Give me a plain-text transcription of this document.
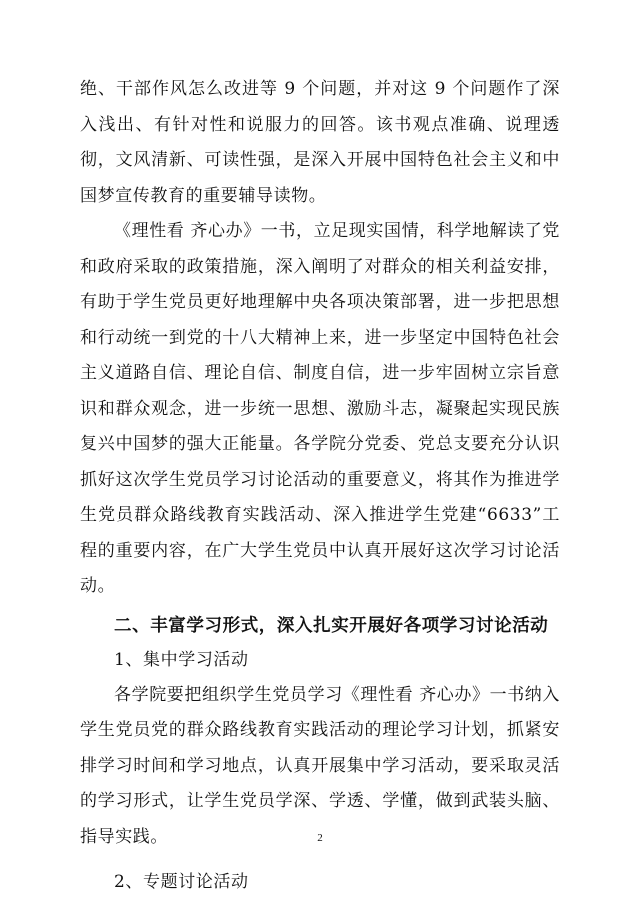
绝、干部作风怎么改进等 9 个问题，并对这 9 个问题作了深入浅出、有针对性和说服力的回答。该书观点准确、说理透彻，文风清新、可读性强，是深入开展中国特色社会主义和中国梦宣传教育的重要辅导读物。

《理性看 齐心办》一书，立足现实国情，科学地解读了党和政府采取的政策措施，深入阐明了对群众的相关利益安排，有助于学生党员更好地理解中央各项决策部署，进一步把思想和行动统一到党的十八大精神上来，进一步坚定中国特色社会主义道路自信、理论自信、制度自信，进一步牢固树立宗旨意识和群众观念，进一步统一思想、激励斗志，凝聚起实现民族复兴中国梦的强大正能量。各学院分党委、党总支要充分认识抓好这次学生党员学习讨论活动的重要意义，将其作为推进学生党员群众路线教育实践活动、深入推进学生党建“6633”工程的重要内容，在广大学生党员中认真开展好这次学习讨论活动。

二、丰富学习形式，深入扎实开展好各项学习讨论活动

1、集中学习活动

各学院要把组织学生党员学习《理性看 齐心办》一书纳入学生党员党的群众路线教育实践活动的理论学习计划，抓紧安排学习时间和学习地点，认真开展集中学习活动，要采取灵活的学习形式，让学生党员学深、学透、学懂，做到武装头脑、指导实践。

2、专题讨论活动

2
